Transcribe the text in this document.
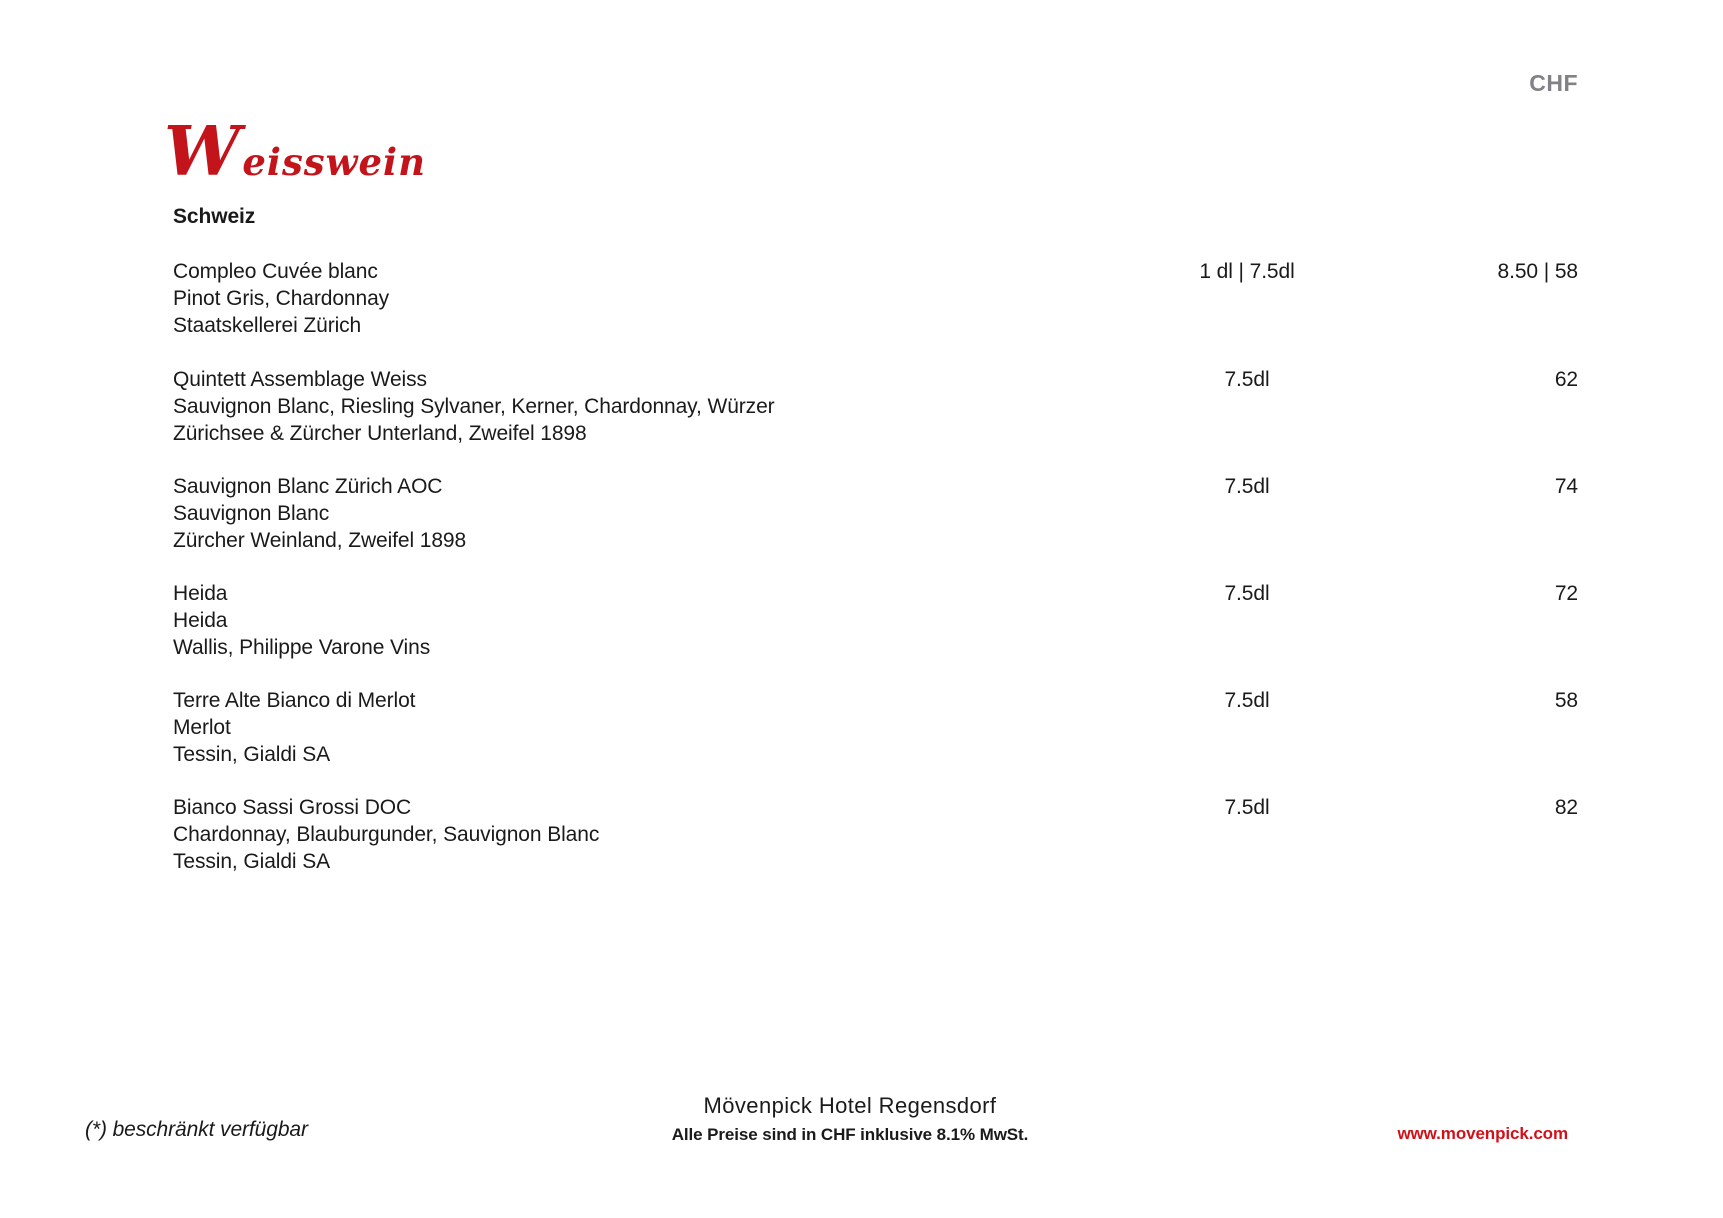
CHF
Weisswein
Schweiz
Compleo Cuvée blanc
Pinot Gris, Chardonnay
Staatskellerei Zürich
1 dl | 7.5dl	8.50 | 58
Quintett Assemblage Weiss
Sauvignon Blanc, Riesling Sylvaner, Kerner, Chardonnay, Würzer
Zürichsee & Zürcher Unterland, Zweifel 1898
7.5dl	62
Sauvignon Blanc Zürich AOC
Sauvignon Blanc
Zürcher Weinland, Zweifel 1898
7.5dl	74
Heida
Heida
Wallis, Philippe Varone Vins
7.5dl	72
Terre Alte Bianco di Merlot
Merlot
Tessin, Gialdi SA
7.5dl	58
Bianco Sassi Grossi DOC
Chardonnay, Blauburgunder, Sauvignon Blanc
Tessin, Gialdi SA
7.5dl	82
(*) beschränkt verfügbar
Mövenpick Hotel Regensdorf
Alle Preise sind in CHF inklusive 8.1% MwSt.	www.movenpick.com
